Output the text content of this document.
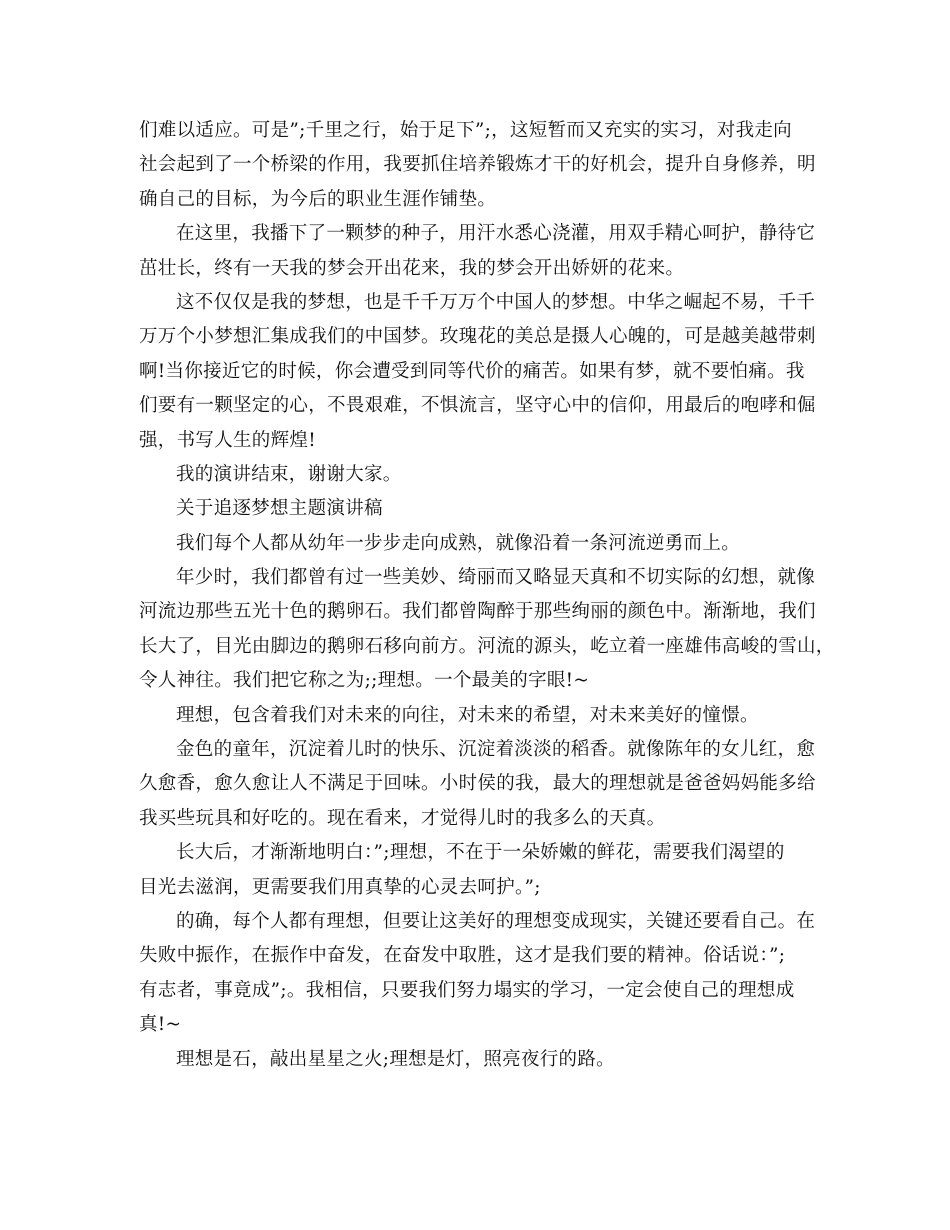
们难以适应。可是”;千里之行，始于足下”;，这短暂而又充实的实习，对我走向
社会起到了一个桥梁的作用，我要抓住培养锻炼才干的好机会，提升自身修养，明
确自己的目标，为今后的职业生涯作铺垫。
在这里，我播下了一颗梦的种子，用汗水悉心浇灌，用双手精心呵护，静待它
茁壮长，终有一天我的梦会开出花来，我的梦会开出娇妍的花来。
这不仅仅是我的梦想，也是千千万万个中国人的梦想。中华之崛起不易，千千
万万个小梦想汇集成我们的中国梦。玫瑰花的美总是摄人心魄的，可是越美越带刺
啊!当你接近它的时候，你会遭受到同等代价的痛苦。如果有梦，就不要怕痛。我
们要有一颗坚定的心，不畏艰难，不惧流言，坚守心中的信仰，用最后的咆哮和倔
强，书写人生的辉煌!
我的演讲结束，谢谢大家。
关于追逐梦想主题演讲稿
我们每个人都从幼年一步步走向成熟，就像沿着一条河流逆勇而上。
年少时，我们都曾有过一些美妙、绮丽而又略显天真和不切实际的幻想，就像
河流边那些五光十色的鹅卵石。我们都曾陶醉于那些绚丽的颜色中。渐渐地，我们
长大了，目光由脚边的鹅卵石移向前方。河流的源头，屹立着一座雄伟高峻的雪山，
令人神往。我们把它称之为;;理想。一个最美的字眼!~
理想，包含着我们对未来的向往，对未来的希望，对未来美好的憧憬。
金色的童年，沉淀着儿时的快乐、沉淀着淡淡的稻香。就像陈年的女儿红，愈
久愈香，愈久愈让人不满足于回味。小时侯的我，最大的理想就是爸爸妈妈能多给
我买些玩具和好吃的。现在看来，才觉得儿时的我多么的天真。
长大后，才渐渐地明白：”;理想，不在于一朵娇嫩的鲜花，需要我们渴望的
目光去滋润，更需要我们用真挚的心灵去呵护。”;
的确，每个人都有理想，但要让这美好的理想变成现实，关键还要看自己。在
失败中振作，在振作中奋发，在奋发中取胜，这才是我们要的精神。俗话说：”;
有志者，事竟成”;。我相信，只要我们努力塌实的学习，一定会使自己的理想成
真!~
理想是石，敲出星星之火;理想是灯，照亮夜行的路。
